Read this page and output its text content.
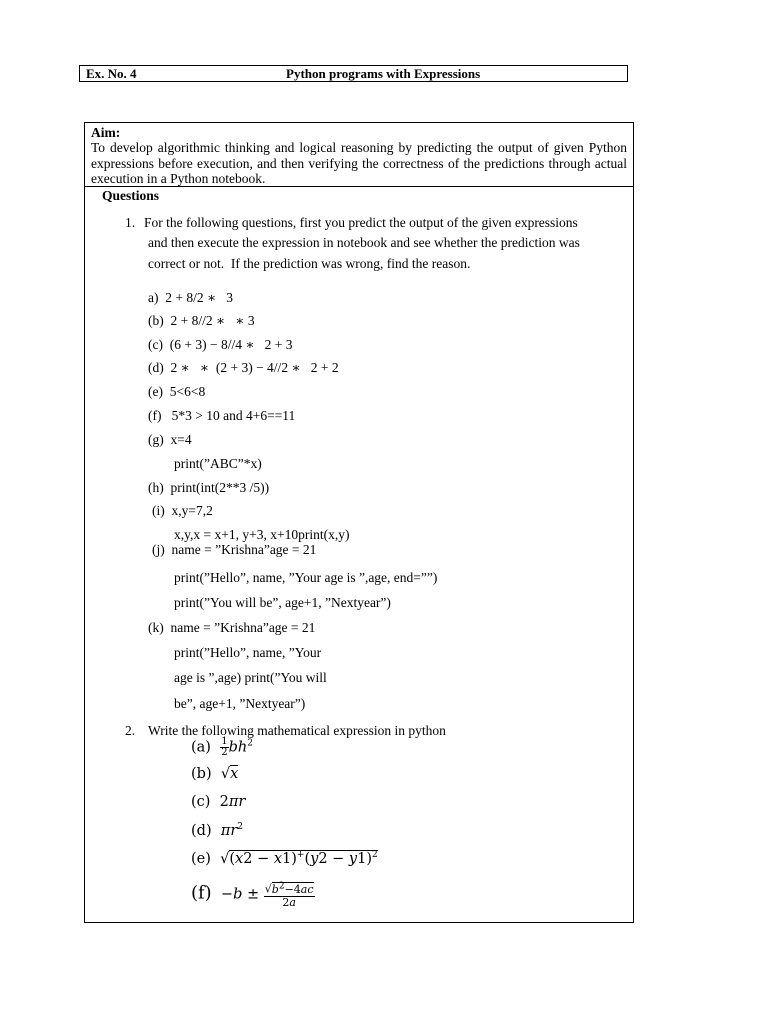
Ex. No. 4	Python programs with Expressions
Aim:
To develop algorithmic thinking and logical reasoning by predicting the output of given Python expressions before execution, and then verifying the correctness of the predictions through actual execution in a Python notebook.
Questions
1. For the following questions, first you predict the output of the given expressions
and then execute the expression in notebook and see whether the prediction was
correct or not.  If the prediction was wrong, find the reason.
a)  2 + 8/2 ∗   3
(b)  2 + 8//2 ∗   ∗ 3
(c)  (6 + 3) − 8//4 ∗   2 + 3
(d)  2 ∗   ∗  (2 + 3) − 4//2 ∗   2 + 2
(e)  5<6<8
(f)   5*3 > 10 and 4+6==11
(g)  x=4
print(”ABC”*x)
(h)  print(int(2**3 /5))
(i)  x,y=7,2
x,y,x = x+1, y+3, x+10print(x,y)
(j)  name = ”Krishna”age = 21
print(”Hello”, name, ”Your age is ”,age, end=””)
print(”You will be”, age+1, ”Nextyear”)
(k)  name = ”Krishna”age = 21
print(”Hello”, name, ”Your
age is ”,age) print(”You will
be”, age+1, ”Nextyear”)
2. Write the following mathematical expression in python
$(a) \frac{1}{2} bh^2$
(b)  √x
(c)  2πr
(d) $\pi r^2$
(e)  $√(x2 - x1)^+(y2 - y1)^2$
$(f) -b \pm \frac{√b^2-4ac}{2a}$
